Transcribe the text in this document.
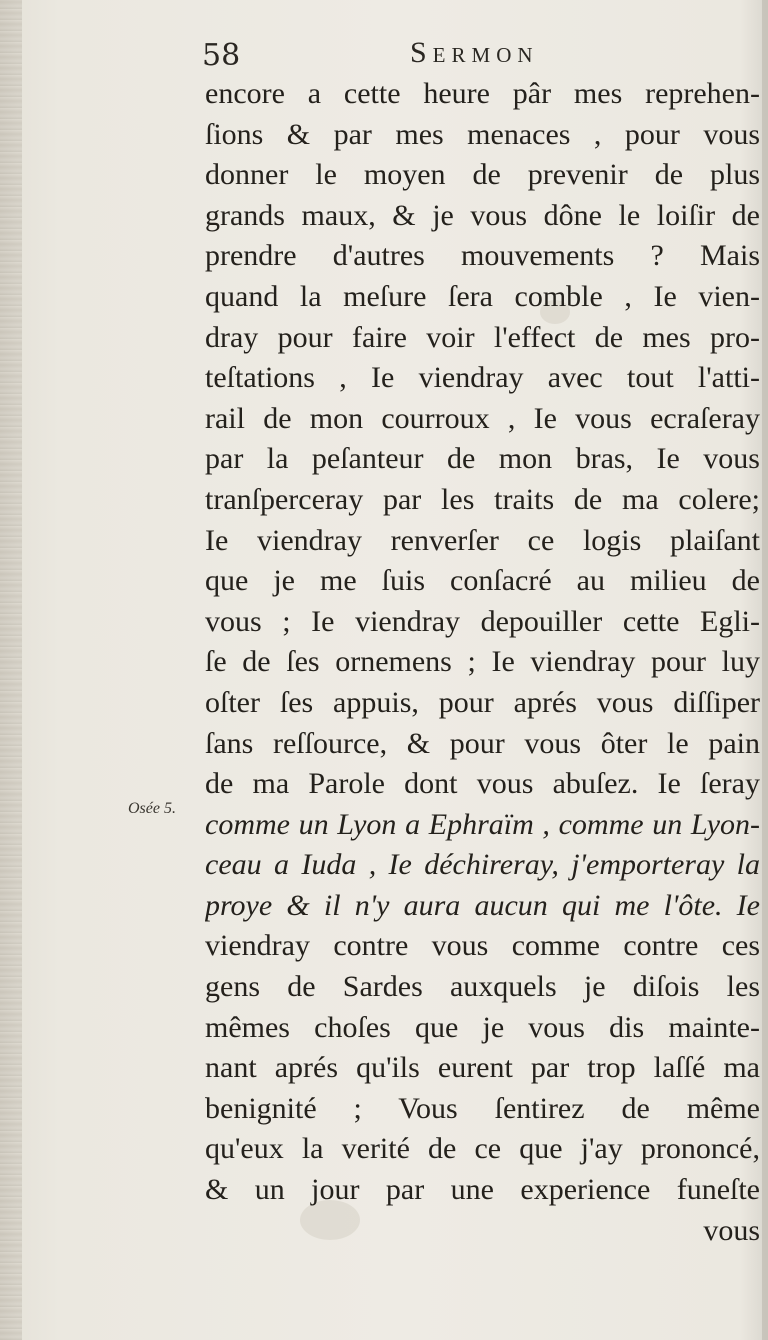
58	Sermon
Osée 5.
encore a cette heure pâr mes reprehen-
ſions & par mes menaces , pour vous
donner le moyen de prevenir de plus
grands maux, & je vous dône le loiſir de
prendre d'autres mouvements ? Mais
quand la meſure ſera comble , Ie vien-
dray pour faire voir l'effect de mes pro-
teſtations , Ie viendray avec tout l'atti-
rail de mon courroux , Ie vous ecraſeray
par la peſanteur de mon bras, Ie vous
tranſperceray par les traits de ma colere;
Ie viendray renverſer ce logis plaiſant
que je me ſuis conſacré au milieu de
vous ; Ie viendray depouiller cette Egli-
ſe de ſes ornemens ; Ie viendray pour luy
oſter ſes appuis, pour aprés vous diſſiper
ſans reſſource, & pour vous ôter le pain
de ma Parole dont vous abuſez. Ie ſeray
comme un Lyon a Ephraïm , comme un Lyon-
ceau a Iuda , Ie déchireray, j'emporteray la
proye & il n'y aura aucun qui me l'ôte. Ie
viendray contre vous comme contre ces
gens de Sardes auxquels je diſois les
mêmes choſes que je vous dis mainte-
nant aprés qu'ils eurent par trop laſſé ma
benignité ; Vous ſentirez de même
qu'eux la verité de ce que j'ay prononcé,
& un jour par une experience funeſte
vous
